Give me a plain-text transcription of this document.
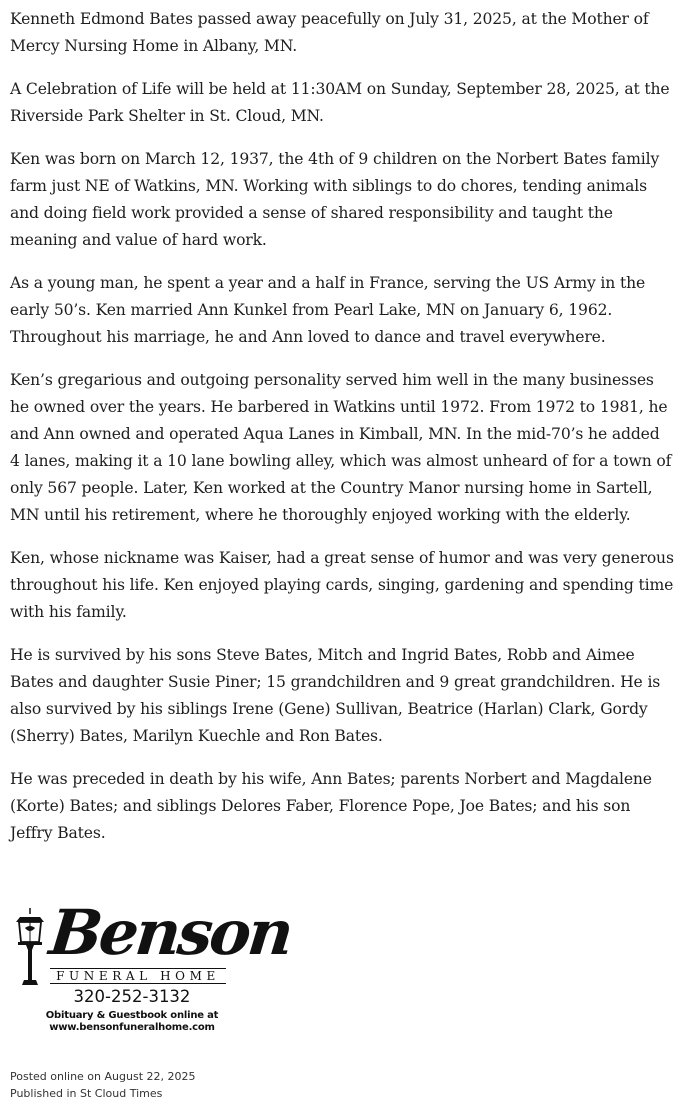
Kenneth Edmond Bates passed away peacefully on July 31, 2025, at the Mother of Mercy Nursing Home in Albany, MN.

A Celebration of Life will be held at 11:30AM on Sunday, September 28, 2025, at the Riverside Park Shelter in St. Cloud, MN.

Ken was born on March 12, 1937, the 4th of 9 children on the Norbert Bates family farm just NE of Watkins, MN. Working with siblings to do chores, tending animals and doing field work provided a sense of shared responsibility and taught the meaning and value of hard work.

As a young man, he spent a year and a half in France, serving the US Army in the early 50’s. Ken married Ann Kunkel from Pearl Lake, MN on January 6, 1962. Throughout his marriage, he and Ann loved to dance and travel everywhere.

Ken’s gregarious and outgoing personality served him well in the many businesses he owned over the years. He barbered in Watkins until 1972. From 1972 to 1981, he and Ann owned and operated Aqua Lanes in Kimball, MN. In the mid-70’s he added 4 lanes, making it a 10 lane bowling alley, which was almost unheard of for a town of only 567 people. Later, Ken worked at the Country Manor nursing home in Sartell, MN until his retirement, where he thoroughly enjoyed working with the elderly.

Ken, whose nickname was Kaiser, had a great sense of humor and was very generous throughout his life. Ken enjoyed playing cards, singing, gardening and spending time with his family.

He is survived by his sons Steve Bates, Mitch and Ingrid Bates, Robb and Aimee Bates and daughter Susie Piner; 15 grandchildren and 9 great grandchildren. He is also survived by his siblings Irene (Gene) Sullivan, Beatrice (Harlan) Clark, Gordy (Sherry) Bates, Marilyn Kuechle and Ron Bates.

He was preceded in death by his wife, Ann Bates; parents Norbert and Magdalene (Korte) Bates; and siblings Delores Faber, Florence Pope, Joe Bates; and his son Jeffry Bates.

Benson
FUNERAL HOME
320-252-3132
Obituary & Guestbook online at
www.bensonfuneralhome.com
Posted online on August 22, 2025
Published in St Cloud Times
